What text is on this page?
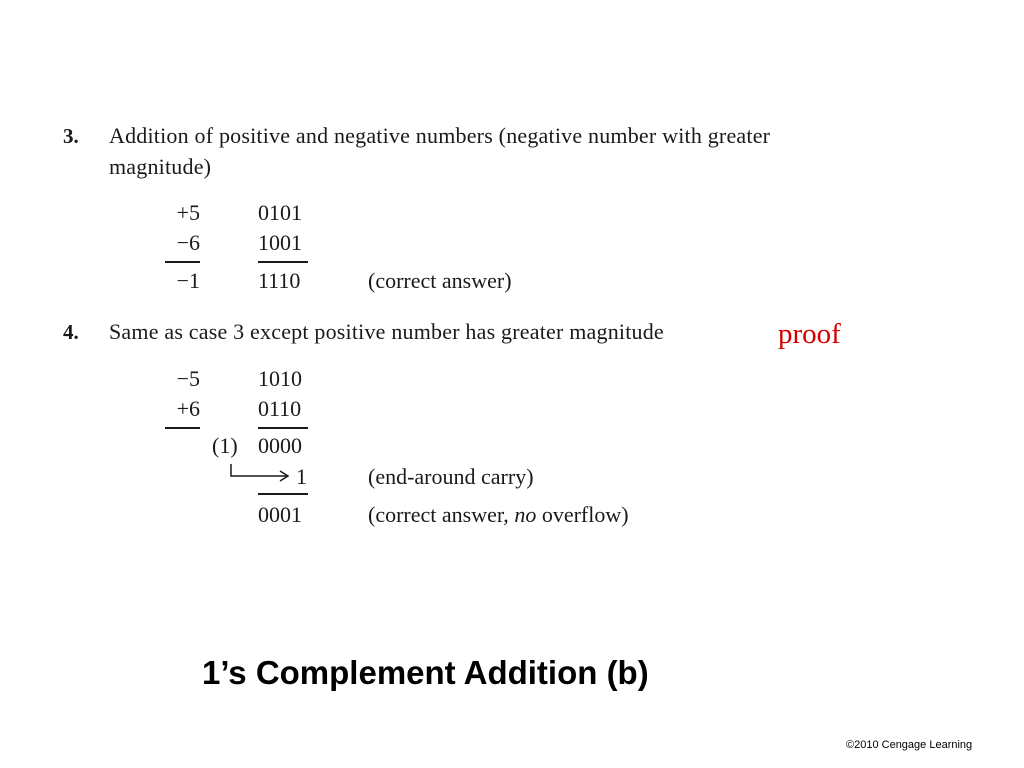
3. Addition of positive and negative numbers (negative number with greater
magnitude)
+5	0101
−6	1001
−1	1110	(correct answer)
4. Same as case 3 except positive number has greater magnitude	proof
−5	1010
+6	0110
(1) 0000
1	(end-around carry)
0001	(correct answer, no overflow)
1’s Complement Addition (b)
©2010 Cengage Learning
